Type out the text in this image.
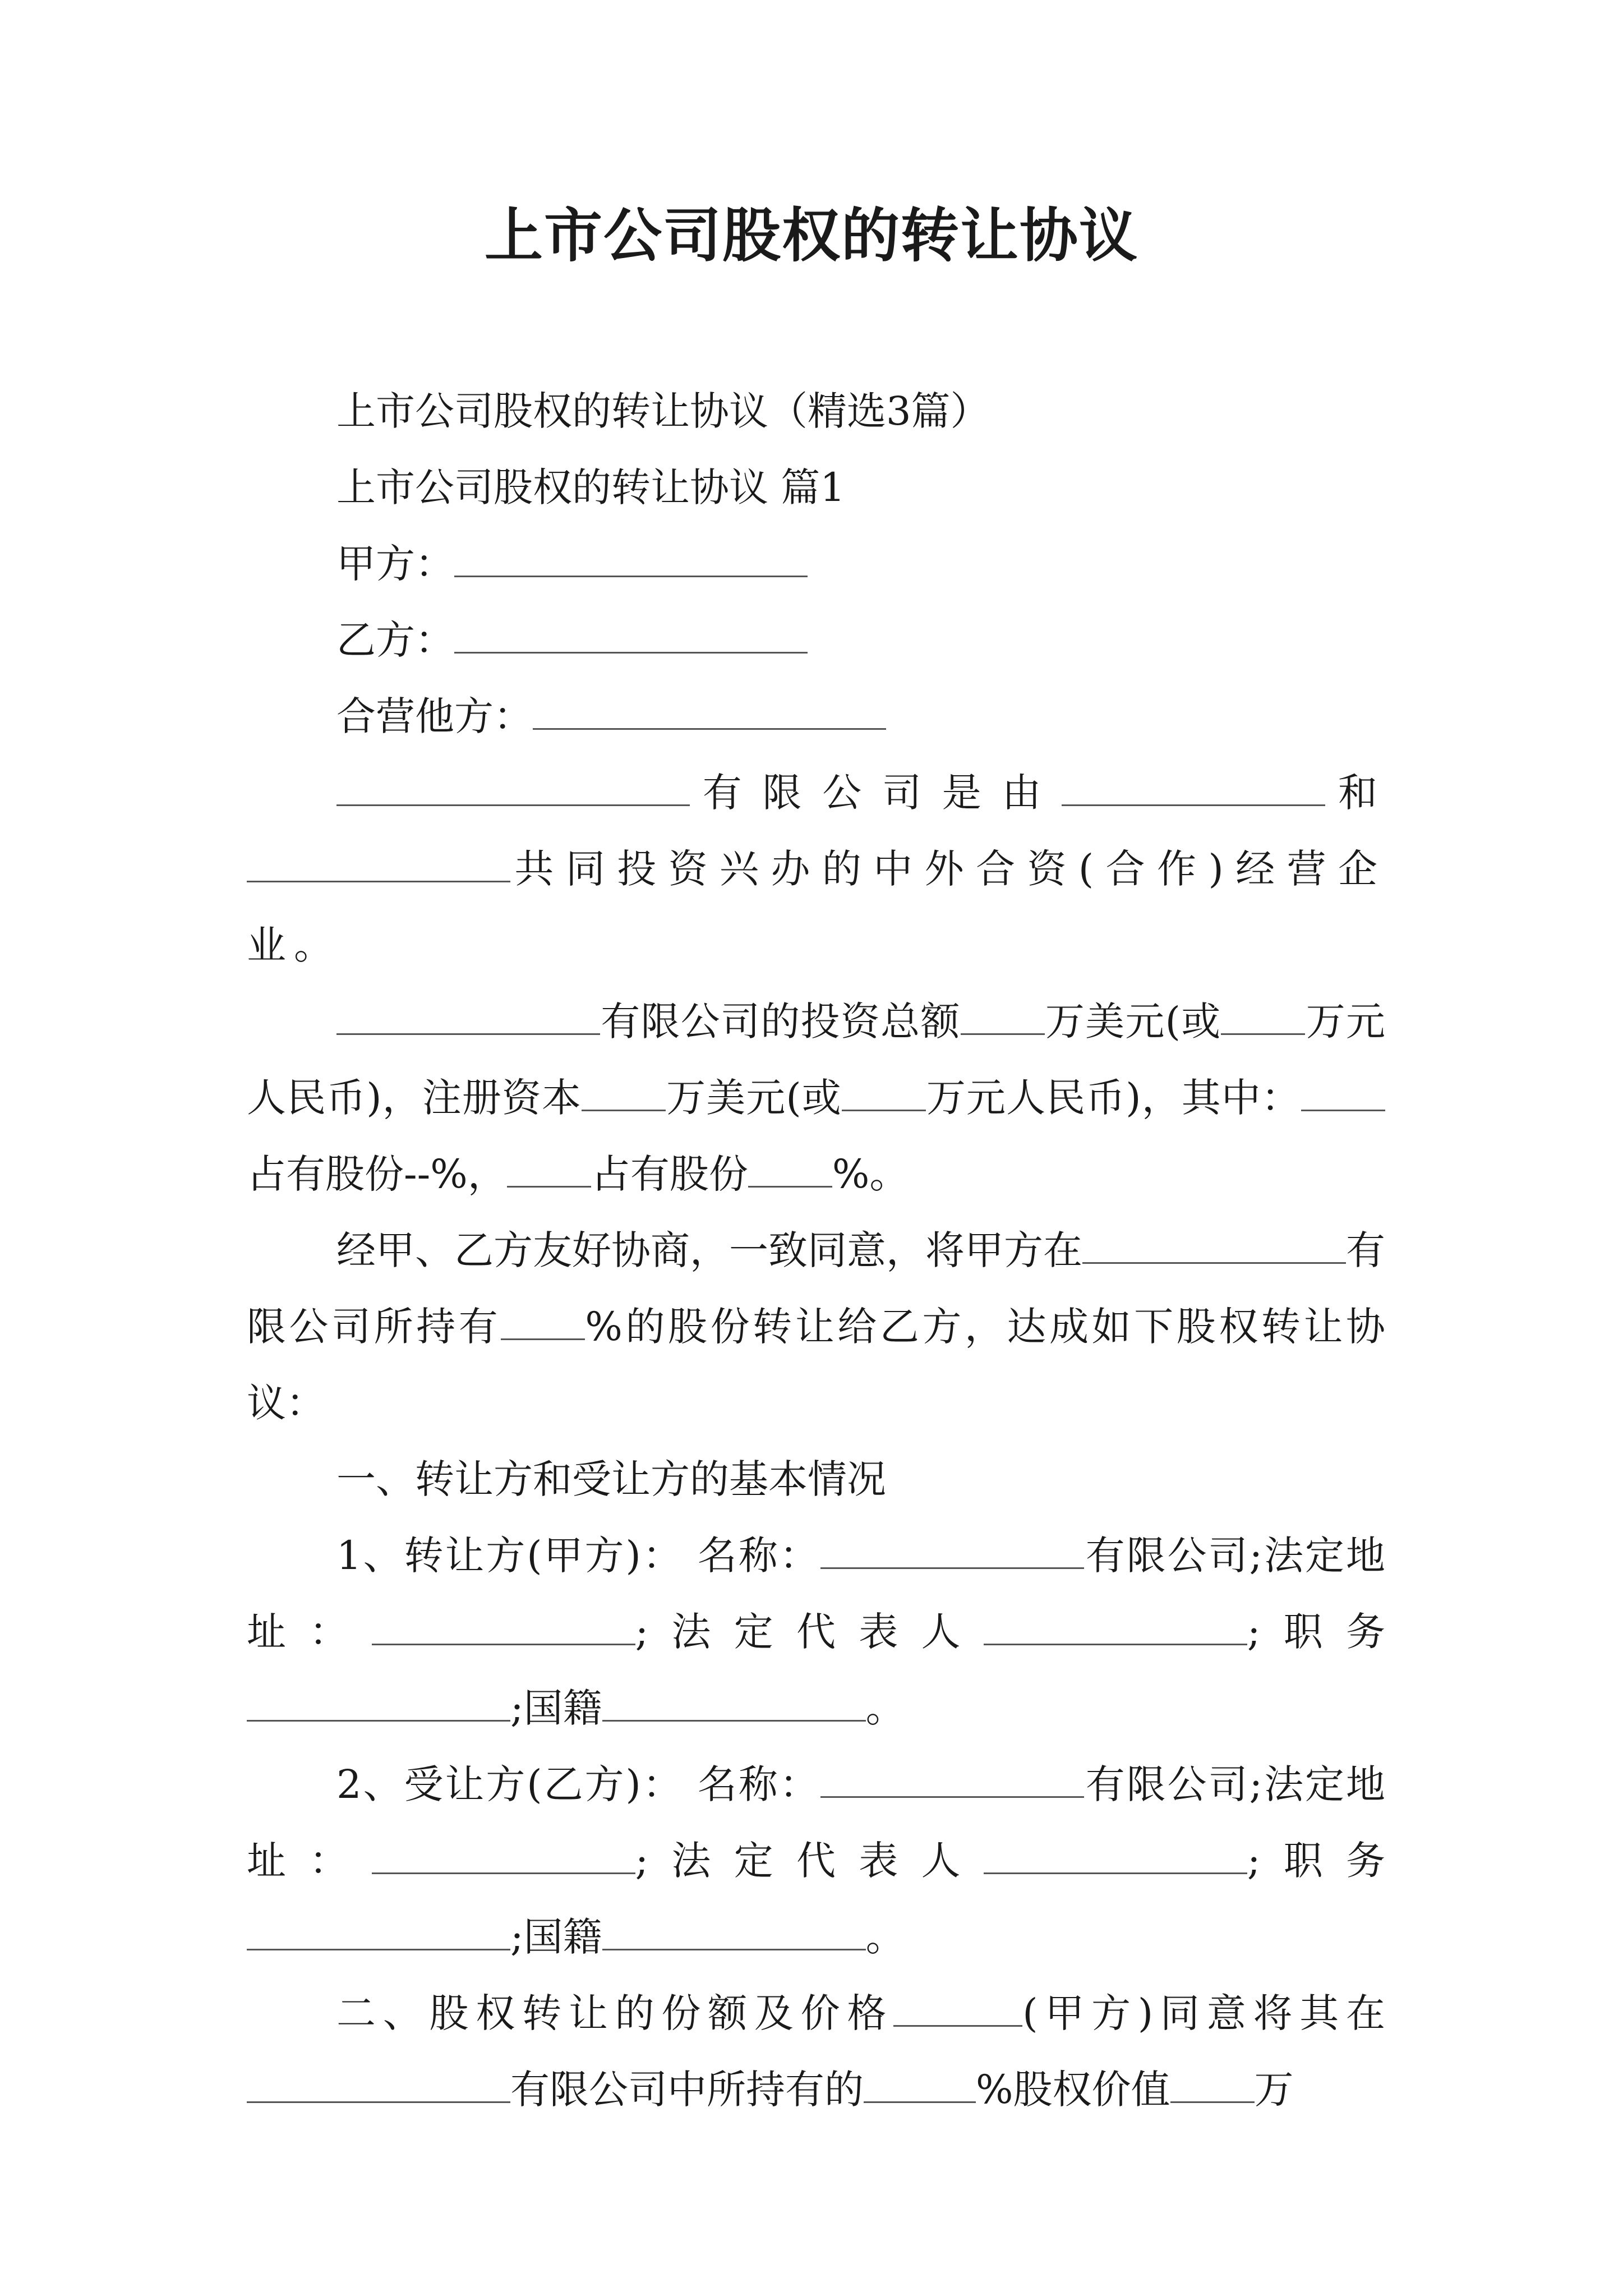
上市公司股权的转让协议

上市公司股权的转让协议（精选3篇）

上市公司股权的转让协议 篇1

甲方：

乙方：

合营他方：

有限公司是由	和共同投资兴办的中外合资(合作)经营企业。

有限公司的投资总额 万美元(或 万元人民币)，注册资本 万美元(或 万元人民币)，其中：占有股份--%， 占有股份 %。

经甲、乙方友好协商，一致同意，将甲方在	有限公司所持有 %的股份转让给乙方，达成如下股权转让协议：

一、转让方和受让方的基本情况

1、转让方(甲方)： 名称：	有限公司;法定地址：	;法定代表人	;职务;国籍	。

2、受让方(乙方)： 名称：	有限公司;法定地址：	;法定代表人	;职务;国籍	。

二、股权转让的份额及价格	(甲方)同意将其在有限公司中所持有的	%股权价值 万
